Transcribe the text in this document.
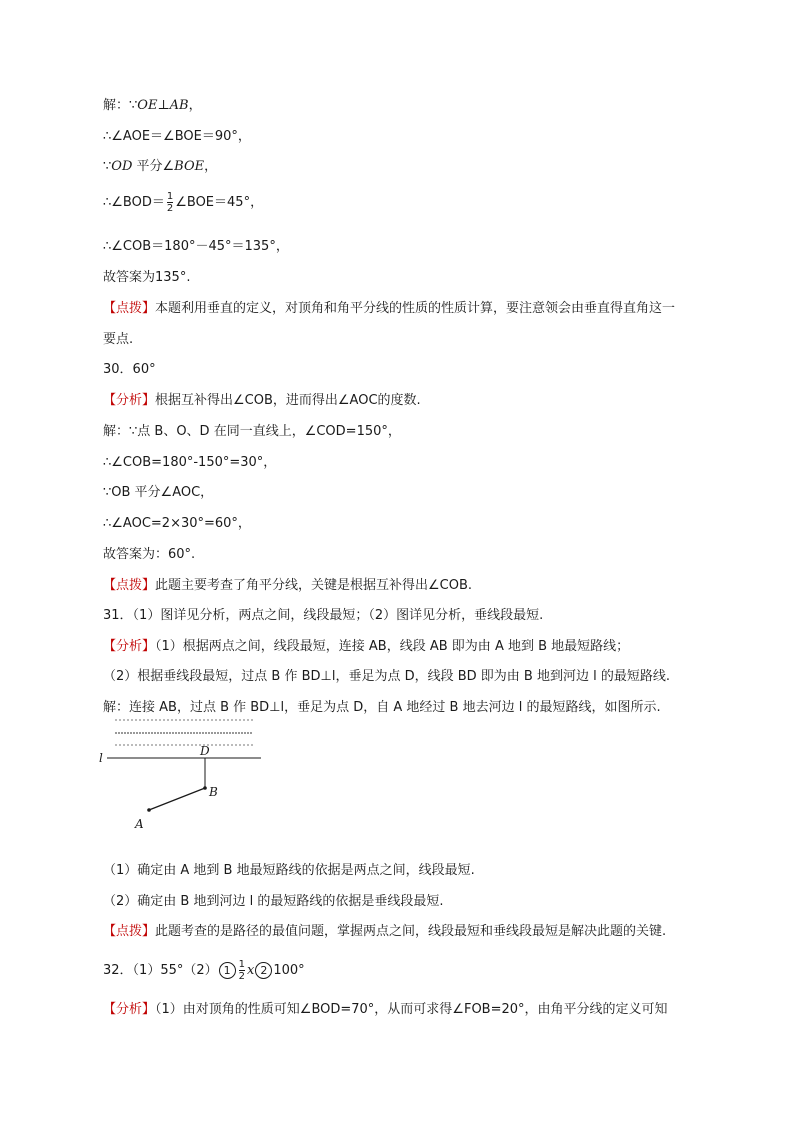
解：∵OE⊥AB，
∴∠AOE＝∠BOE＝90°，
∵OD 平分∠BOE，
∴∠BOD＝ $\frac{1}{2}$ ∠BOE＝45°，
∴∠COB＝180°－45°＝135°，
故答案为135°.
【点拨】本题利用垂直的定义，对顶角和角平分线的性质的性质计算，要注意领会由垂直得直角这一
要点.
30．60°
【分析】根据互补得出∠COB，进而得出∠AOC的度数.
解：∵点 B、O、D 在同一直线上，∠COD=150°，
∴∠COB=180°-150°=30°，
∵OB 平分∠AOC，
∴∠AOC=2×30°=60°，
故答案为：60°.
【点拨】此题主要考查了角平分线，关键是根据互补得出∠COB.
31．（1）图详见分析，两点之间，线段最短；（2）图详见分析，垂线段最短.
【分析】（1）根据两点之间，线段最短，连接 AB，线段 AB 即为由 A 地到 B 地最短路线；
（2）根据垂线段最短，过点 B 作 BD⊥l，垂足为点 D，线段 BD 即为由 B 地到河边 l 的最短路线.
解：连接 AB，过点 B 作 BD⊥l，垂足为点 D，自 A 地经过 B 地去河边 l 的最短路线，如图所示.
l	D
B
A
（1）确定由 A 地到 B 地最短路线的依据是两点之间，线段最短.
（2）确定由 B 地到河边 l 的最短路线的依据是垂线段最短.
【点拨】此题考查的是路径的最值问题，掌握两点之间，线段最短和垂线段最短是解决此题的关键.
32．（1）55°（2） $1 \frac{1}{2}$ x 2 100°
【分析】（1）由对顶角的性质可知∠BOD=70°，从而可求得∠FOB=20°，由角平分线的定义可知
